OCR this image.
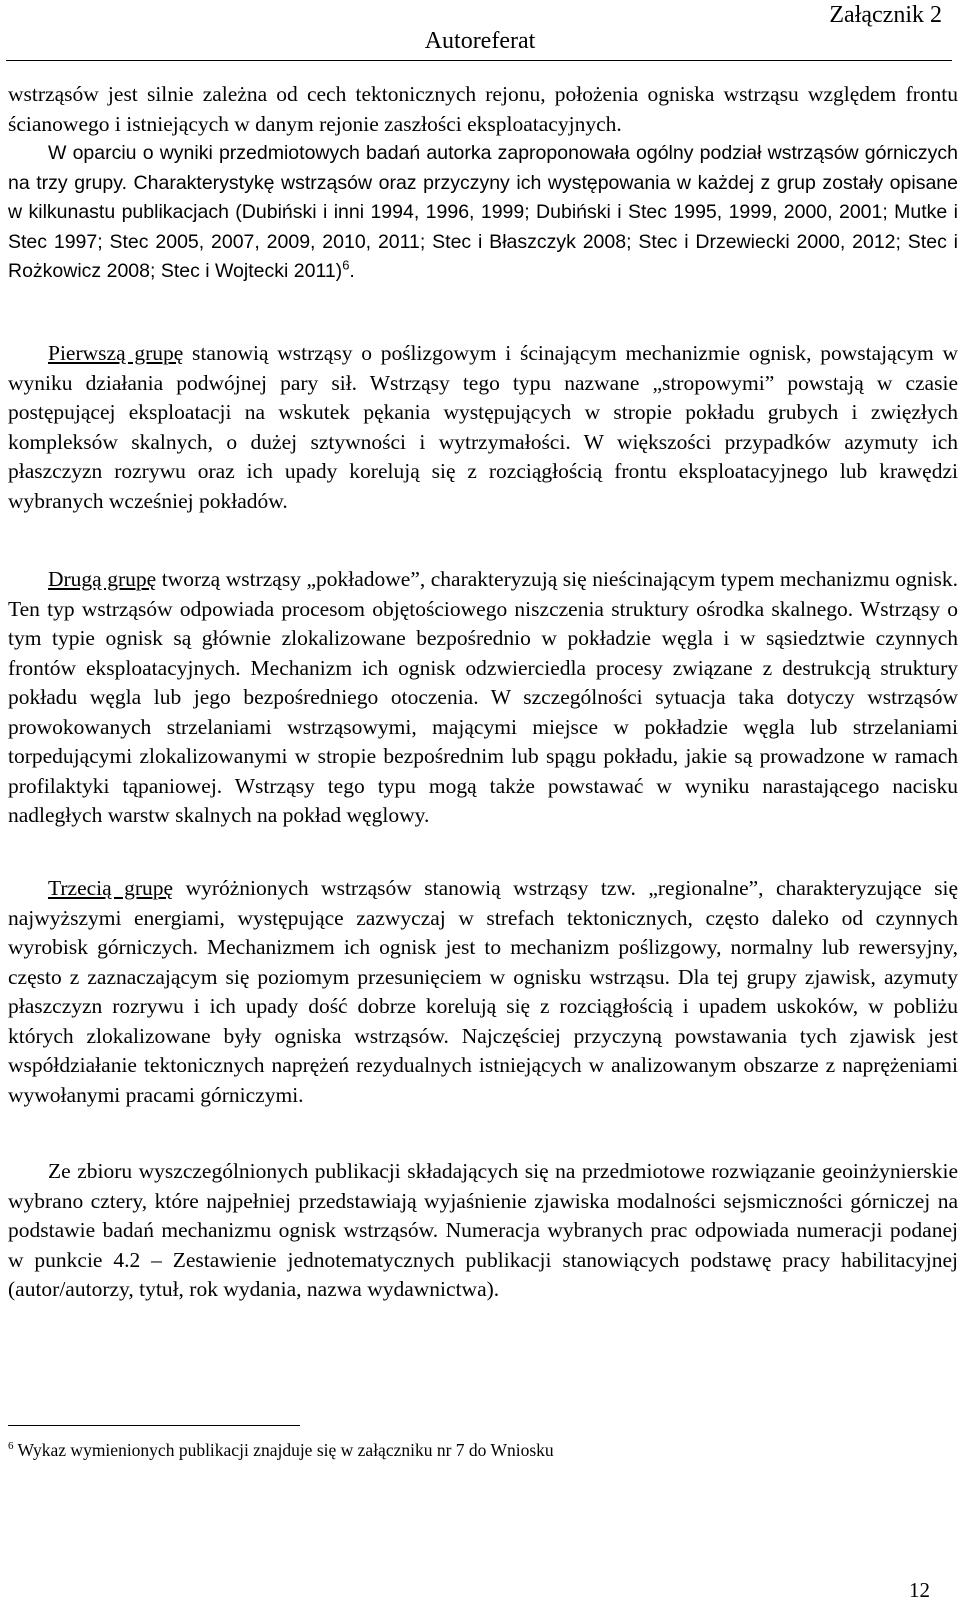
Załącznik 2
Autoreferat

wstrząsów jest silnie zależna od cech tektonicznych rejonu, położenia ogniska wstrząsu względem frontu ścianowego i istniejących w danym rejonie zaszłości eksploatacyjnych.

W oparciu o wyniki przedmiotowych badań autorka zaproponowała ogólny podział wstrząsów górniczych na trzy grupy. Charakterystykę wstrząsów oraz przyczyny ich występowania w każdej z grup zostały opisane w kilkunastu publikacjach (Dubiński i inni 1994, 1996, 1999; Dubiński i Stec 1995, 1999, 2000, 2001; Mutke i Stec 1997; Stec 2005, 2007, 2009, 2010, 2011; Stec i Błaszczyk 2008; Stec i Drzewiecki 2000, 2012; Stec i Rożkowicz 2008; Stec i Wojtecki 2011)$^6$.

Pierwszą grupę stanowią wstrząsy o poślizgowym i ścinającym mechanizmie ognisk, powstającym w wyniku działania podwójnej pary sił. Wstrząsy tego typu nazwane „stropowymi” powstają w czasie postępującej eksploatacji na wskutek pękania występujących w stropie pokładu grubych i zwięzłych kompleksów skalnych, o dużej sztywności i wytrzymałości. W większości przypadków azymuty ich płaszczyzn rozrywu oraz ich upady korelują się z rozciągłością frontu eksploatacyjnego lub krawędzi wybranych wcześniej pokładów.

Drugą grupę tworzą wstrząsy „pokładowe”, charakteryzują się nieścinającym typem mechanizmu ognisk. Ten typ wstrząsów odpowiada procesom objętościowego niszczenia struktury ośrodka skalnego. Wstrząsy o tym typie ognisk są głównie zlokalizowane bezpośrednio w pokładzie węgla i w sąsiedztwie czynnych frontów eksploatacyjnych. Mechanizm ich ognisk odzwierciedla procesy związane z destrukcją struktury pokładu węgla lub jego bezpośredniego otoczenia. W szczególności sytuacja taka dotyczy wstrząsów prowokowanych strzelaniami wstrząsowymi, mającymi miejsce w pokładzie węgla lub strzelaniami torpedującymi zlokalizowanymi w stropie bezpośrednim lub spągu pokładu, jakie są prowadzone w ramach profilaktyki tąpaniowej. Wstrząsy tego typu mogą także powstawać w wyniku narastającego nacisku nadległych warstw skalnych na pokład węglowy.

Trzecią grupę wyróżnionych wstrząsów stanowią wstrząsy tzw. „regionalne”, charakteryzujące się najwyższymi energiami, występujące zazwyczaj w strefach tektonicznych, często daleko od czynnych wyrobisk górniczych. Mechanizmem ich ognisk jest to mechanizm poślizgowy, normalny lub rewersyjny, często z zaznaczającym się poziomym przesunięciem w ognisku wstrząsu. Dla tej grupy zjawisk, azymuty płaszczyzn rozrywu i ich upady dość dobrze korelują się z rozciągłością i upadem uskoków, w pobliżu których zlokalizowane były ogniska wstrząsów. Najczęściej przyczyną powstawania tych zjawisk jest współdziałanie tektonicznych naprężeń rezydualnych istniejących w analizowanym obszarze z naprężeniami wywołanymi pracami górniczymi.

Ze zbioru wyszczególnionych publikacji składających się na przedmiotowe rozwiązanie geoinżynierskie wybrano cztery, które najpełniej przedstawiają wyjaśnienie zjawiska modalności sejsmiczności górniczej na podstawie badań mechanizmu ognisk wstrząsów. Numeracja wybranych prac odpowiada numeracji podanej w punkcie 4.2 – Zestawienie jednotematycznych publikacji stanowiących podstawę pracy habilitacyjnej (autor/autorzy, tytuł, rok wydania, nazwa wydawnictwa).

$^6$ Wykaz wymienionych publikacji znajduje się w załączniku nr 7 do Wniosku
12
